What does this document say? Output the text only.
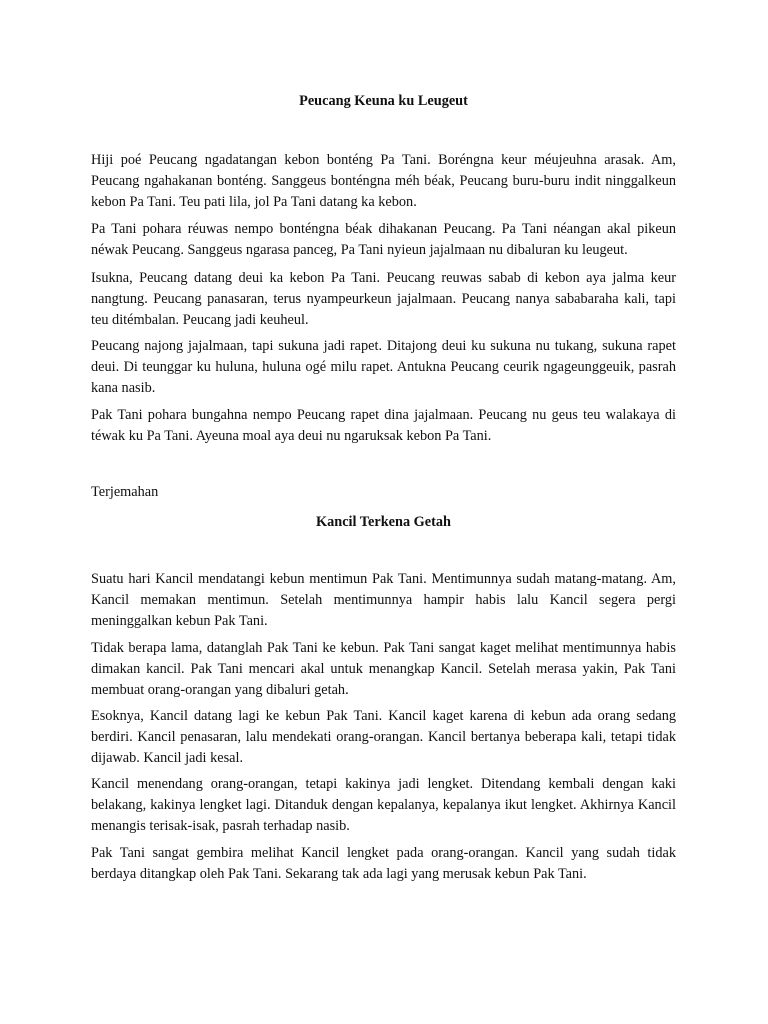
Peucang Keuna ku Leugeut

Hiji poé Peucang ngadatangan kebon bonténg Pa Tani. Boréngna keur méujeuhna arasak. Am, Peucang ngahakanan bonténg. Sanggeus bonténgna méh béak, Peucang buru-buru indit ninggalkeun kebon Pa Tani. Teu pati lila, jol Pa Tani datang ka kebon.

Pa Tani pohara réuwas nempo bonténgna béak dihakanan Peucang. Pa Tani néangan akal pikeun néwak Peucang. Sanggeus ngarasa panceg, Pa Tani nyieun jajalmaan nu dibaluran ku leugeut.

Isukna, Peucang datang deui ka kebon Pa Tani. Peucang reuwas sabab di kebon aya jalma keur nangtung. Peucang panasaran, terus nyampeurkeun jajalmaan. Peucang nanya sababaraha kali, tapi teu ditémbalan. Peucang jadi keuheul.

Peucang najong jajalmaan, tapi sukuna jadi rapet. Ditajong deui ku sukuna nu tukang, sukuna rapet deui. Di teunggar ku huluna, huluna ogé milu rapet. Antukna Peucang ceurik ngageunggeuik, pasrah kana nasib.

Pak Tani pohara bungahna nempo Peucang rapet dina jajalmaan. Peucang nu geus teu walakaya di téwak ku Pa Tani. Ayeuna moal aya deui nu ngaruksak kebon Pa Tani.

Terjemahan

Kancil Terkena Getah

Suatu hari Kancil mendatangi kebun mentimun Pak Tani. Mentimunnya sudah matang-matang. Am, Kancil memakan mentimun. Setelah mentimunnya hampir habis lalu Kancil segera pergi meninggalkan kebun Pak Tani.

Tidak berapa lama, datanglah Pak Tani ke kebun. Pak Tani sangat kaget melihat mentimunnya habis dimakan kancil. Pak Tani mencari akal untuk menangkap Kancil. Setelah merasa yakin, Pak Tani membuat orang-orangan yang dibaluri getah.

Esoknya, Kancil datang lagi ke kebun Pak Tani. Kancil kaget karena di kebun ada orang sedang berdiri. Kancil penasaran, lalu mendekati orang-orangan. Kancil bertanya beberapa kali, tetapi tidak dijawab. Kancil jadi kesal.

Kancil menendang orang-orangan, tetapi kakinya jadi lengket. Ditendang kembali dengan kaki belakang, kakinya lengket lagi. Ditanduk dengan kepalanya, kepalanya ikut lengket. Akhirnya Kancil menangis terisak-isak, pasrah terhadap nasib.

Pak Tani sangat gembira melihat Kancil lengket pada orang-orangan. Kancil yang sudah tidak berdaya ditangkap oleh Pak Tani. Sekarang tak ada lagi yang merusak kebun Pak Tani.
